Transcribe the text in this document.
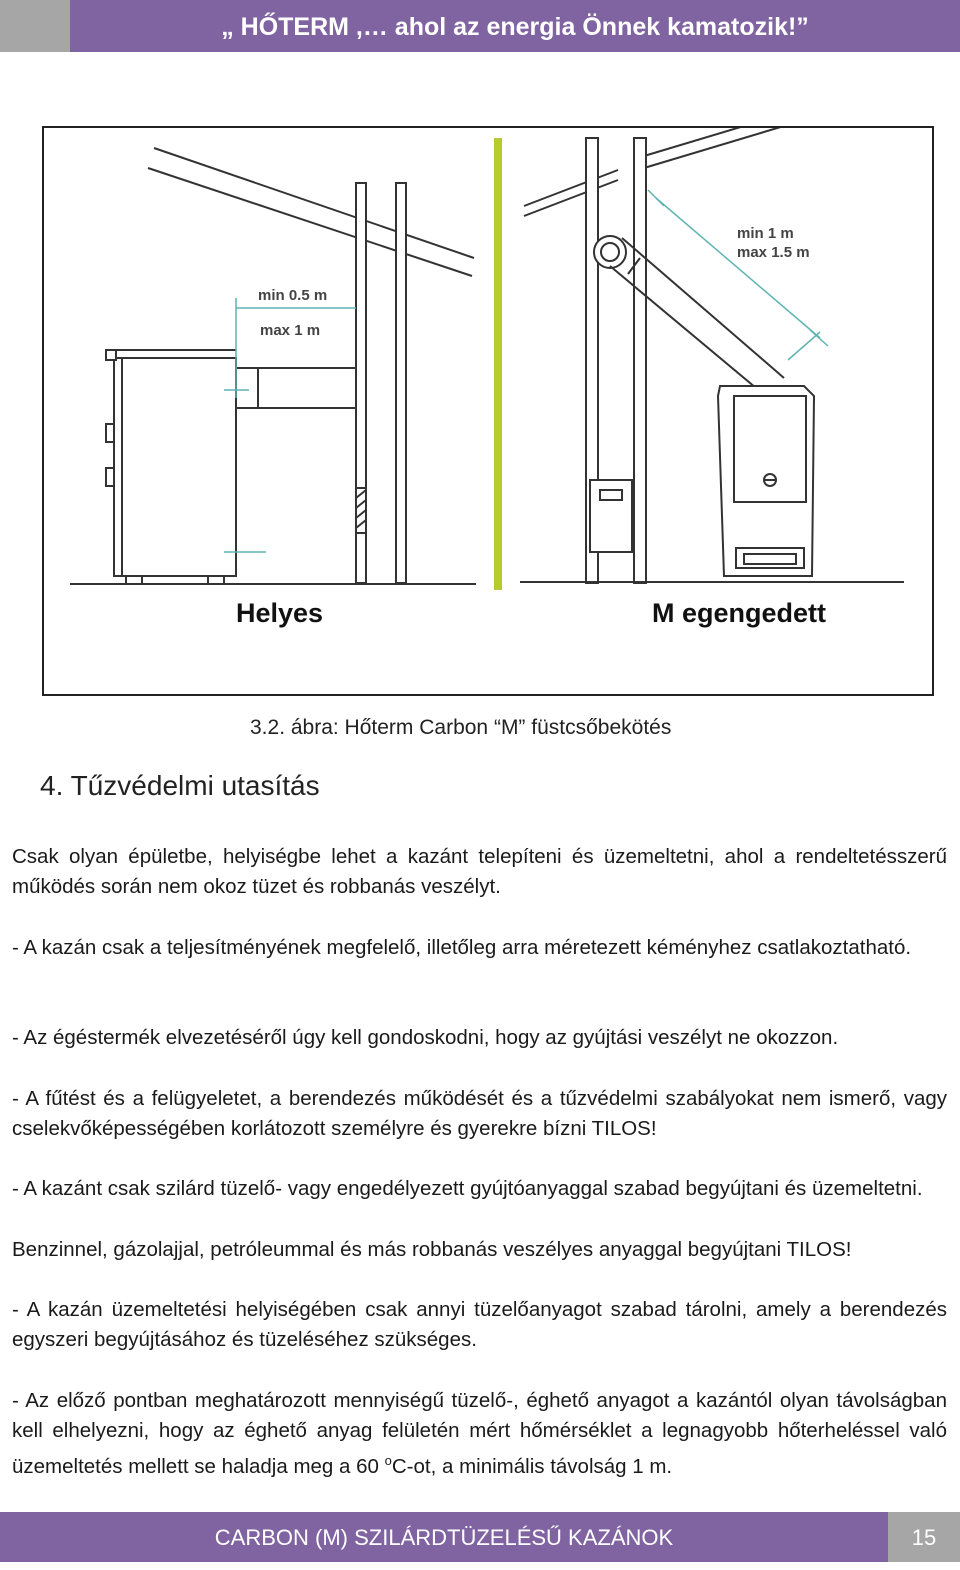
„ HŐTERM ,… ahol az energia Önnek kamatozik!”
min 0.5 m
max 1 m
min 1 m
max 1.5 m
Helyes	M egengedett
3.2. ábra: Hőterm Carbon “M” füstcsőbekötés
4. Tűzvédelmi utasítás
Csak olyan épületbe, helyiségbe lehet a kazánt telepíteni és üzemeltetni, ahol a rendeltetésszerű működés során nem okoz tüzet és robbanás veszélyt.
- A kazán csak a teljesítményének megfelelő, illetőleg arra méretezett kéményhez csatlakoztatható.
- Az égéstermék elvezetéséről úgy kell gondoskodni, hogy az gyújtási veszélyt ne okozzon.
- A fűtést és a felügyeletet, a berendezés működését és a tűzvédelmi szabályokat nem ismerő, vagy cselekvőképességében korlátozott személyre és gyerekre bízni TILOS!
- A kazánt csak szilárd tüzelő- vagy engedélyezett gyújtóanyaggal szabad begyújtani és üzemeltetni.
Benzinnel, gázolajjal, petróleummal és más robbanás veszélyes anyaggal begyújtani TILOS!
- A kazán üzemeltetési helyiségében csak annyi tüzelőanyagot szabad tárolni, amely a berendezés egyszeri begyújtásához és tüzeléséhez szükséges.
- Az előző pontban meghatározott mennyiségű tüzelő-, éghető anyagot a kazántól olyan távolságban kell elhelyezni, hogy az éghető anyag felületén mért hőmérséklet a legnagyobb hőterheléssel való üzemeltetés mellett se haladja meg a 60 $^o$C-ot, a minimális távolság 1 m.
CARBON (M) SZILÁRDTÜZELÉSŰ KAZÁNOK	15
